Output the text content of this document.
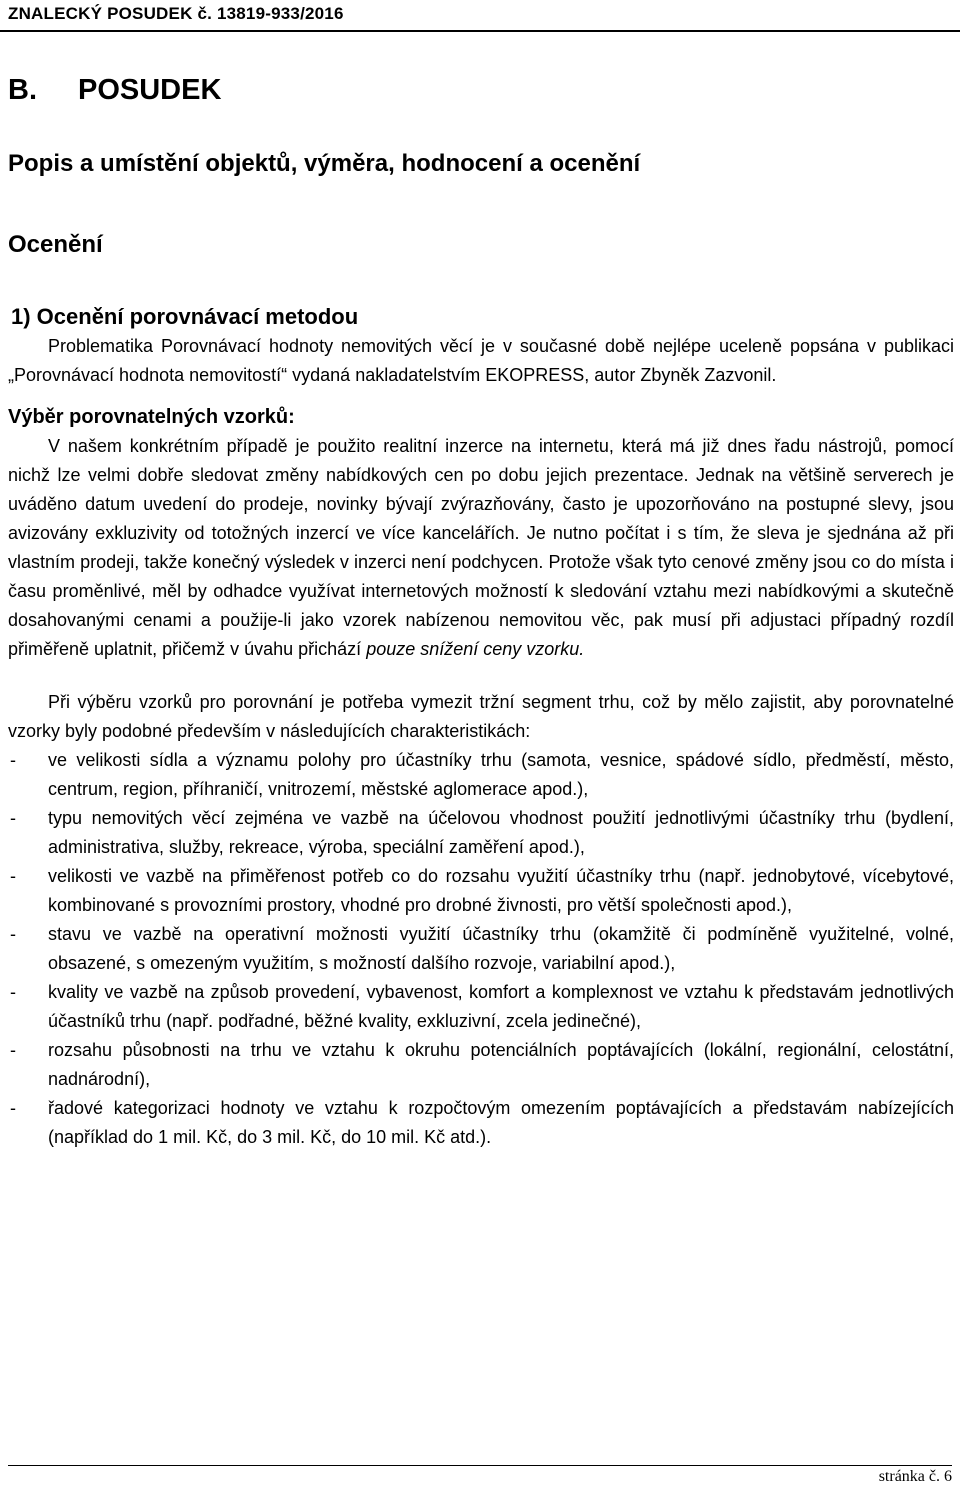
ZNALECKÝ POSUDEK č. 13819-933/2016
B. POSUDEK
Popis a umístění objektů, výměra, hodnocení a ocenění
Ocenění
1) Ocenění porovnávací metodou

Problematika Porovnávací hodnoty nemovitých věcí je v současné době nejlépe uceleně popsána v publikaci „Porovnávací hodnota nemovitostí“ vydaná nakladatelstvím EKOPRESS, autor Zbyněk Zazvonil.

Výběr porovnatelných vzorků:

V našem konkrétním případě je použito realitní inzerce na internetu, která má již dnes řadu nástrojů, pomocí nichž lze velmi dobře sledovat změny nabídkových cen po dobu jejich prezentace. Jednak na většině serverech je uváděno datum uvedení do prodeje, novinky bývají zvýrazňovány, často je upozorňováno na postupné slevy, jsou avizovány exkluzivity od totožných inzercí ve více kancelářích. Je nutno počítat i s tím, že sleva je sjednána až při vlastním prodeji, takže konečný výsledek v inzerci není podchycen. Protože však tyto cenové změny jsou co do místa i času proměnlivé, měl by odhadce využívat internetových možností k sledování vztahu mezi nabídkovými a skutečně dosahovanými cenami a použije-li jako vzorek nabízenou nemovitou věc, pak musí při adjustaci případný rozdíl přiměřeně uplatnit, přičemž v úvahu přichází pouze snížení ceny vzorku.

Při výběru vzorků pro porovnání je potřeba vymezit tržní segment trhu, což by mělo zajistit, aby porovnatelné vzorky byly podobné především v následujících charakteristikách:

- ve velikosti sídla a významu polohy pro účastníky trhu (samota, vesnice, spádové sídlo, předměstí, město, centrum, region, příhraničí, vnitrozemí, městské aglomerace apod.),
- typu nemovitých věcí zejména ve vazbě na účelovou vhodnost použití jednotlivými účastníky trhu (bydlení, administrativa, služby, rekreace, výroba, speciální zaměření apod.),
- velikosti ve vazbě na přiměřenost potřeb co do rozsahu využití účastníky trhu (např. jednobytové, vícebytové, kombinované s provozními prostory, vhodné pro drobné živnosti, pro větší společnosti apod.),
- stavu ve vazbě na operativní možnosti využití účastníky trhu (okamžitě či podmíněně využitelné, volné, obsazené, s omezeným využitím, s možností dalšího rozvoje, variabilní apod.),
- kvality ve vazbě na způsob provedení, vybavenost, komfort a komplexnost ve vztahu k představám jednotlivých účastníků trhu (např. podřadné, běžné kvality, exkluzivní, zcela jedinečné),
- rozsahu působnosti na trhu ve vztahu k okruhu potenciálních poptávajících (lokální, regionální, celostátní, nadnárodní),
- řadové kategorizaci hodnoty ve vztahu k rozpočtovým omezením poptávajících a představám nabízejících (například do 1 mil. Kč, do 3 mil. Kč, do 10 mil. Kč atd.).
stránka č. 6
